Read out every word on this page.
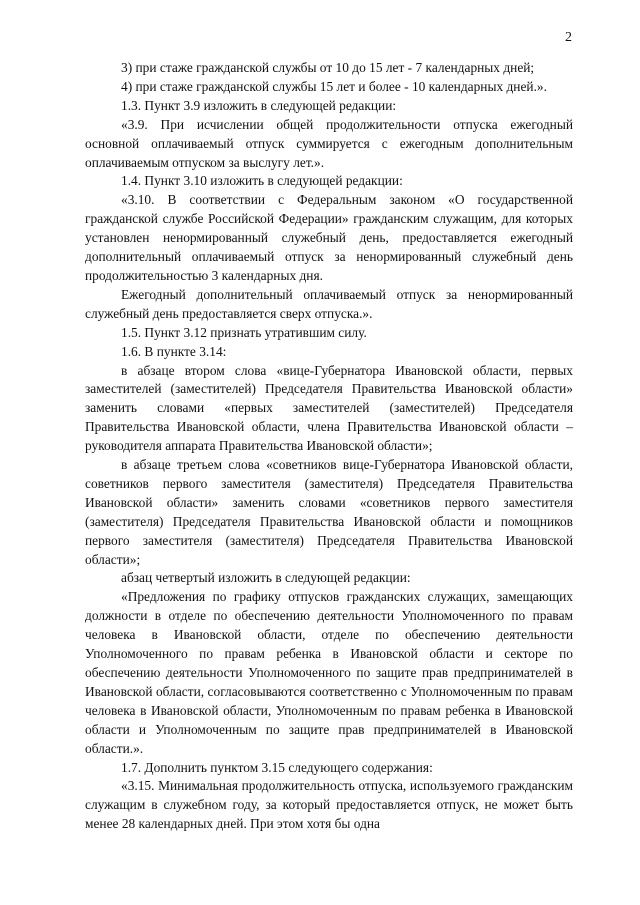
2

3) при стаже гражданской службы от 10 до 15 лет - 7 календарных дней;

4) при стаже гражданской службы 15 лет и более - 10 календарных дней.».

1.3. Пункт 3.9 изложить в следующей редакции:

«3.9. При исчислении общей продолжительности отпуска ежегодный основной оплачиваемый отпуск суммируется с ежегодным дополнительным оплачиваемым отпуском за выслугу лет.».

1.4. Пункт 3.10 изложить в следующей редакции:

«3.10. В соответствии с Федеральным законом «О государственной гражданской службе Российской Федерации» гражданским служащим, для которых установлен ненормированный служебный день, предоставляется ежегодный дополнительный оплачиваемый отпуск за ненормированный служебный день продолжительностью 3 календарных дня.

Ежегодный дополнительный оплачиваемый отпуск за ненормированный служебный день предоставляется сверх отпуска.».

1.5. Пункт 3.12 признать утратившим силу.

1.6. В пункте 3.14:

в абзаце втором слова «вице-Губернатора Ивановской области, первых заместителей (заместителей) Председателя Правительства Ивановской области» заменить словами «первых заместителей (заместителей) Председателя Правительства Ивановской области, члена Правительства Ивановской области – руководителя аппарата Правительства Ивановской области»;

в абзаце третьем слова «советников вице-Губернатора Ивановской области, советников первого заместителя (заместителя) Председателя Правительства Ивановской области» заменить словами «советников первого заместителя (заместителя) Председателя Правительства Ивановской области и помощников первого заместителя (заместителя) Председателя Правительства Ивановской области»;

абзац четвертый изложить в следующей редакции:

«Предложения по графику отпусков гражданских служащих, замещающих должности в отделе по обеспечению деятельности Уполномоченного по правам человека в Ивановской области, отделе по обеспечению деятельности Уполномоченного по правам ребенка в Ивановской области и секторе по обеспечению деятельности Уполномоченного по защите прав предпринимателей в Ивановской области, согласовываются соответственно с Уполномоченным по правам человека в Ивановской области, Уполномоченным по правам ребенка в Ивановской области и Уполномоченным по защите прав предпринимателей в Ивановской области.».

1.7. Дополнить пунктом 3.15 следующего содержания:

«3.15. Минимальная продолжительность отпуска, используемого гражданским служащим в служебном году, за который предоставляется отпуск, не может быть менее 28 календарных дней. При этом хотя бы одна
